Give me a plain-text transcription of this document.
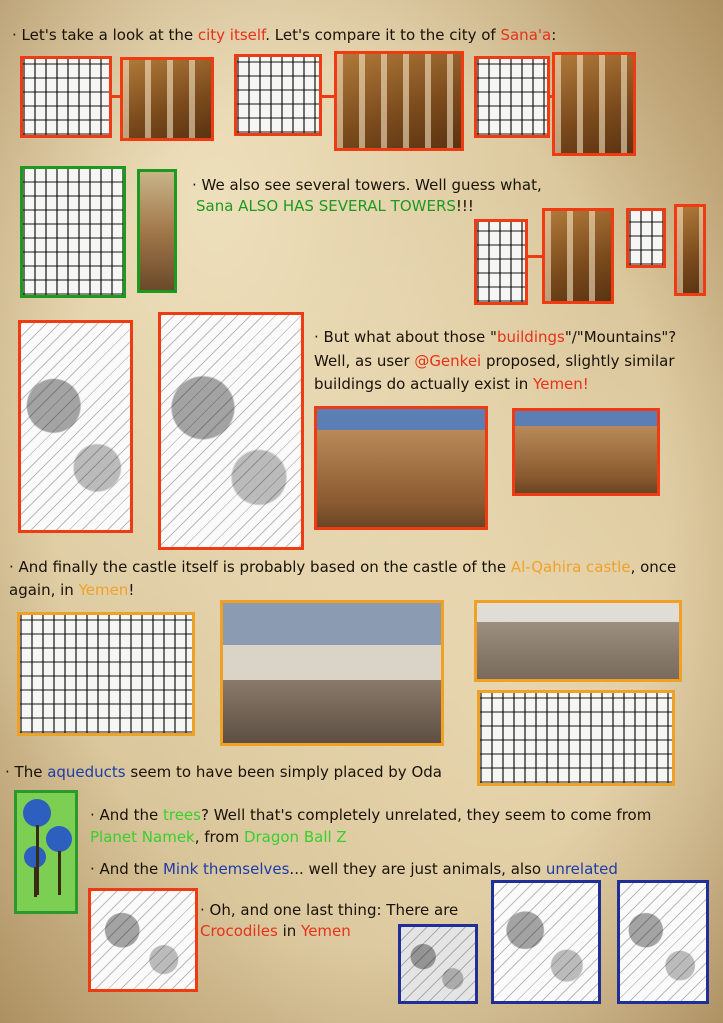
· Let's take a look at the city itself. Let's compare it to the city of Sana'a:

· We also see several towers. Well guess what,

Sana ALSO HAS SEVERAL TOWERS!!!

· But what about those "buildings"/"Mountains"?

Well, as user @Genkei proposed, slightly similar

buildings do actually exist in Yemen!

· And finally the castle itself is probably based on the castle of the Al-Qahira castle, once

again, in Yemen!

· The aqueducts seem to have been simply placed by Oda

· And the trees? Well that's completely unrelated, they seem to come from

Planet Namek, from Dragon Ball Z

· And the Mink themselves... well they are just animals, also unrelated

· Oh, and one last thing: There are

Crocodiles in Yemen
